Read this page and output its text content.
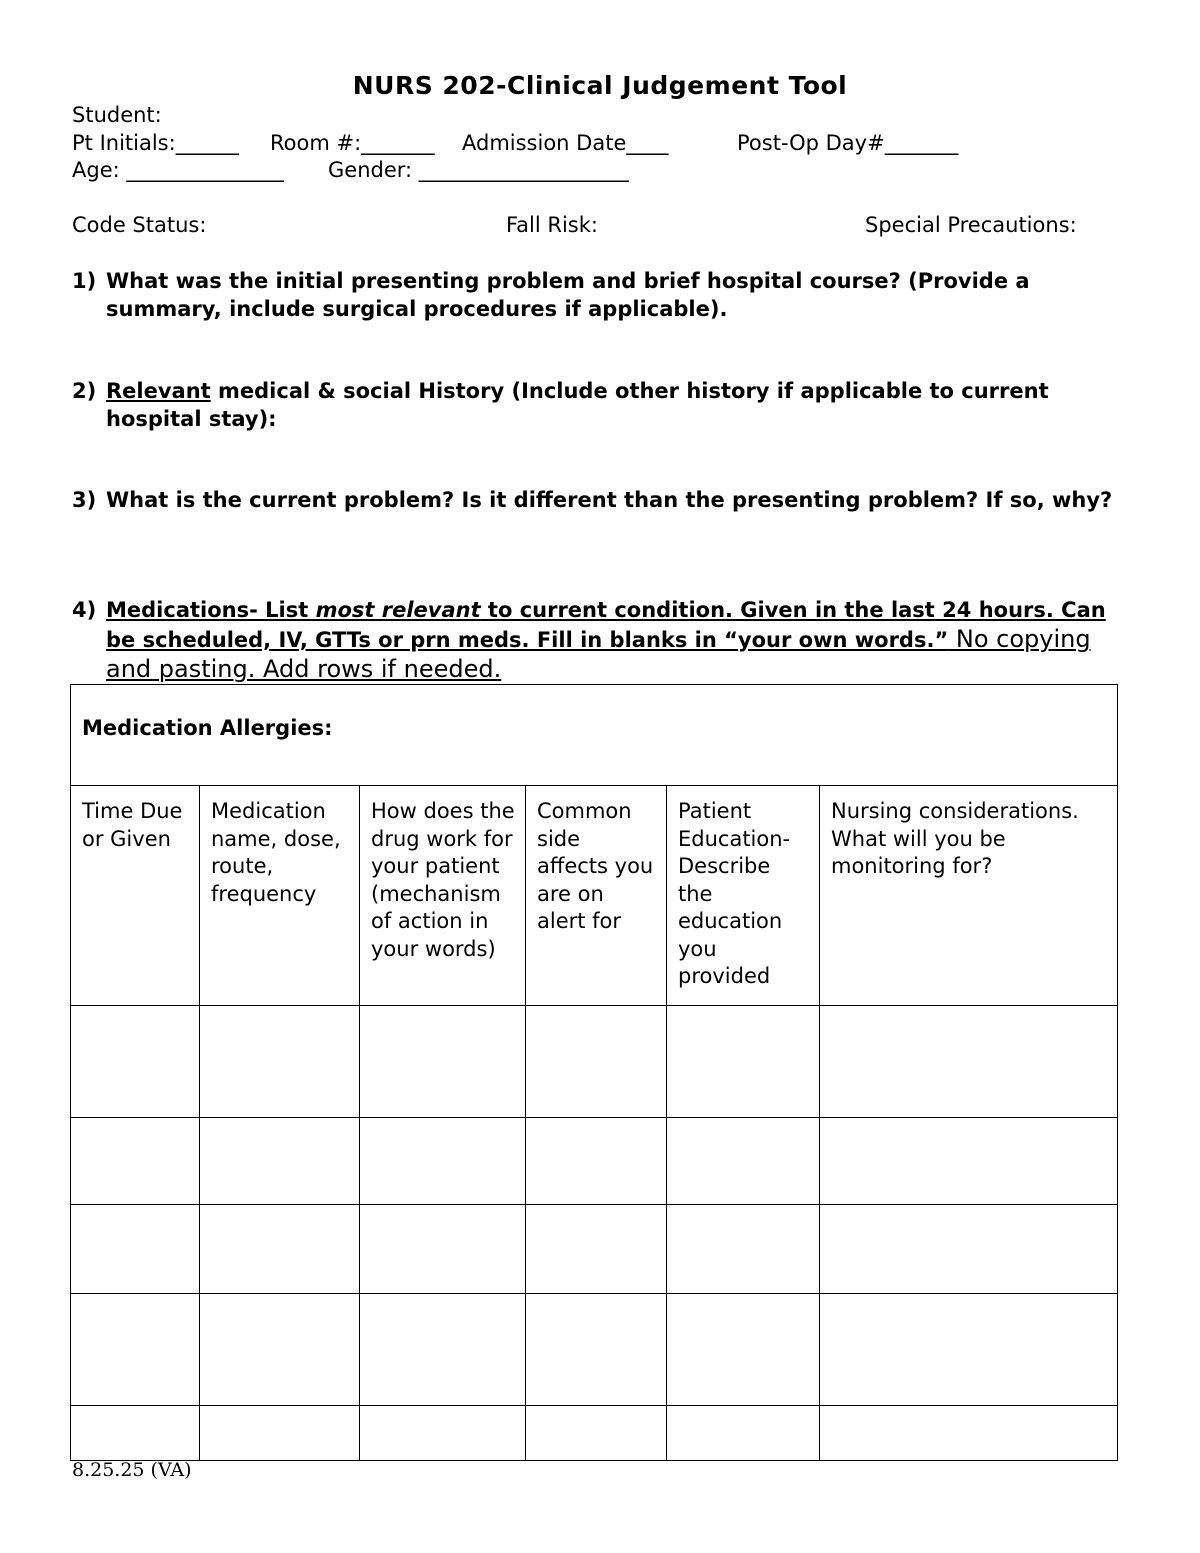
NURS 202-Clinical Judgement Tool
Student:
Pt Initials:______ Room #:_______ Admission Date____	Post-Op Day#_______
Age: _______________ Gender: ____________________
Code Status:	Fall Risk:	Special Precautions:
1) What was the initial presenting problem and brief hospital course? (Provide a summary, include surgical procedures if applicable).
2) Relevant medical & social History (Include other history if applicable to current hospital stay):
3) What is the current problem? Is it different than the presenting problem? If so, why?
4) Medications- List most relevant to current condition. Given in the last 24 hours. Can be scheduled, IV, GTTs or prn meds. Fill in blanks in “your own words.” No copying and pasting. Add rows if needed.
Medication Allergies:					
Time Due or Given	Medication name, dose, route, frequency	How does the drug work for your patient (mechanism of action in your words)	Common side affects you are on alert for	Patient Education- Describe the education you provided	Nursing considerations. What will you be monitoring for?

8.25.25 (VA)
